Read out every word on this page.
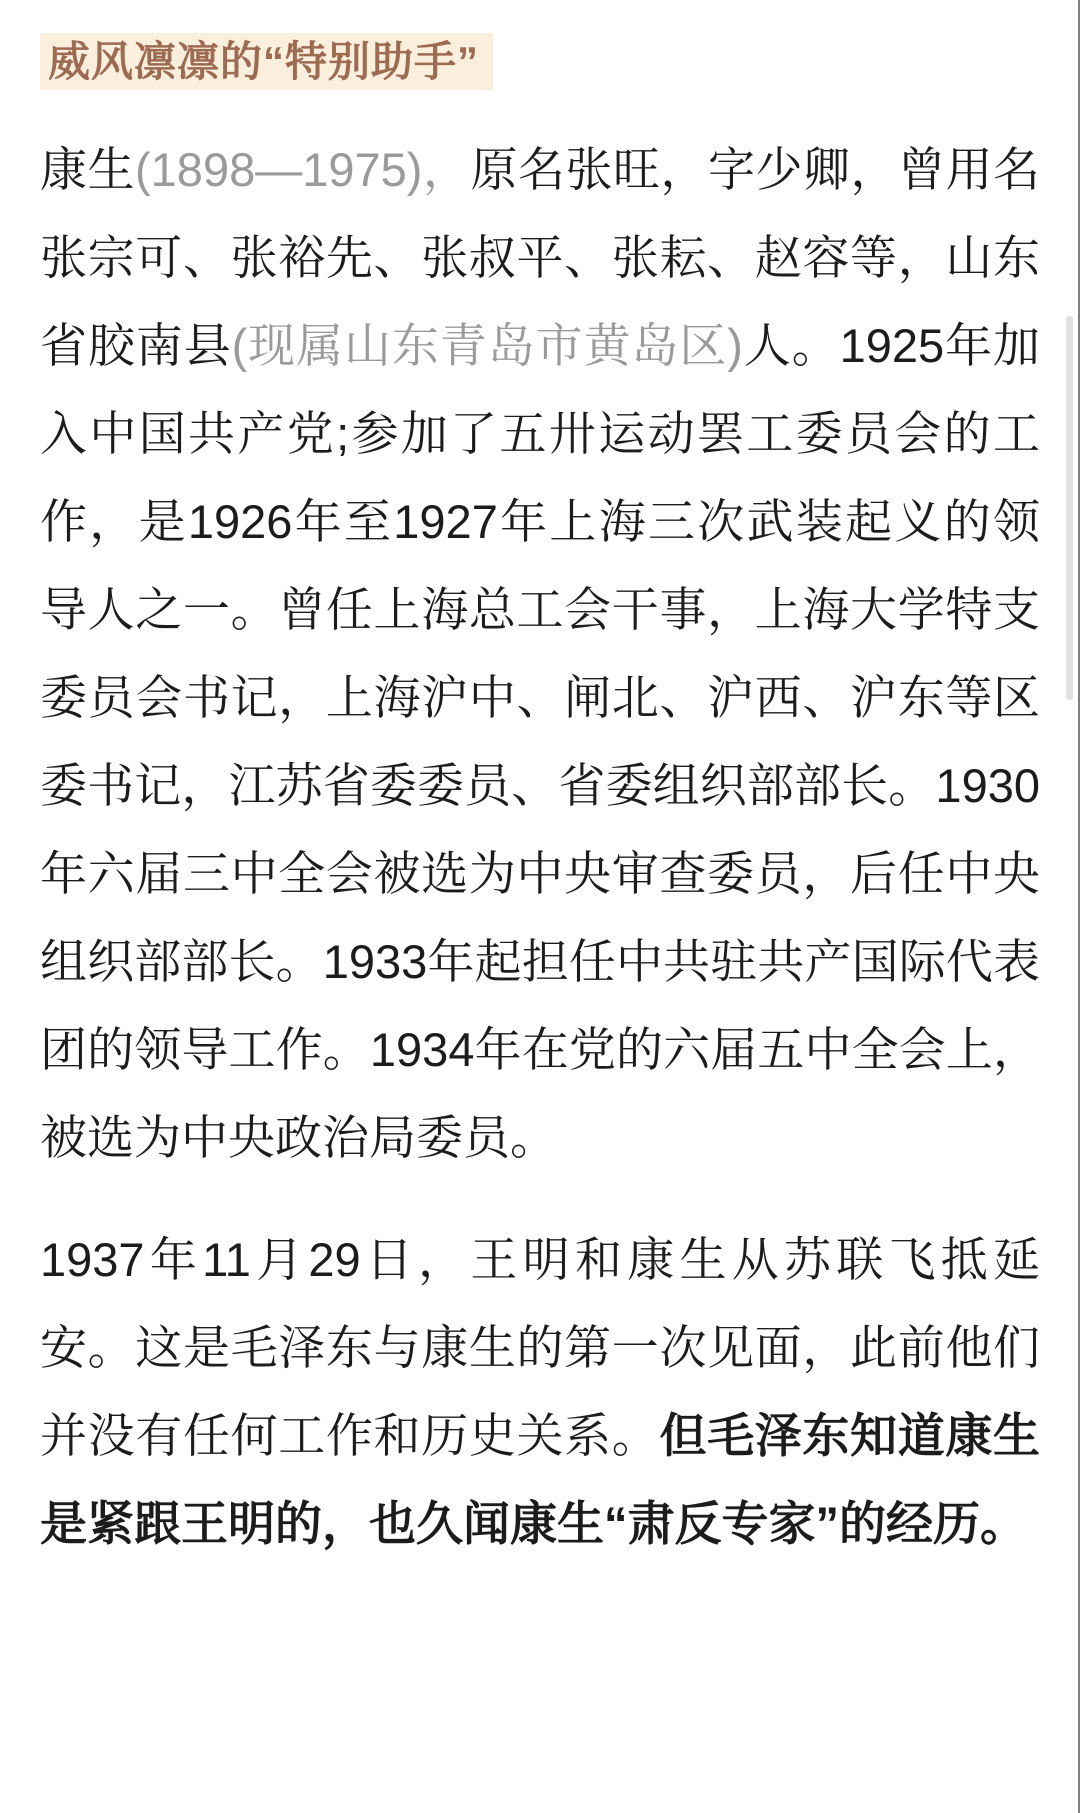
威风凛凛的“特别助手”

康生(1898—1975)，原名张旺，字少卿，曾用名张宗可、张裕先、张叔平、张耘、赵容等，山东省胶南县(现属山东青岛市黄岛区)人。1925年加入中国共产党;参加了五卅运动罢工委员会的工作，是1926年至1927年上海三次武装起义的领导人之一。曾任上海总工会干事，上海大学特支委员会书记，上海沪中、闸北、沪西、沪东等区委书记，江苏省委委员、省委组织部部长。1930年六届三中全会被选为中央审查委员，后任中央组织部部长。1933年起担任中共驻共产国际代表团的领导工作。1934年在党的六届五中全会上，被选为中央政治局委员。

1937年11月29日，王明和康生从苏联飞抵延安。这是毛泽东与康生的第一次见面，此前他们并没有任何工作和历史关系。但毛泽东知道康生是紧跟王明的，也久闻康生“肃反专家”的经历。
